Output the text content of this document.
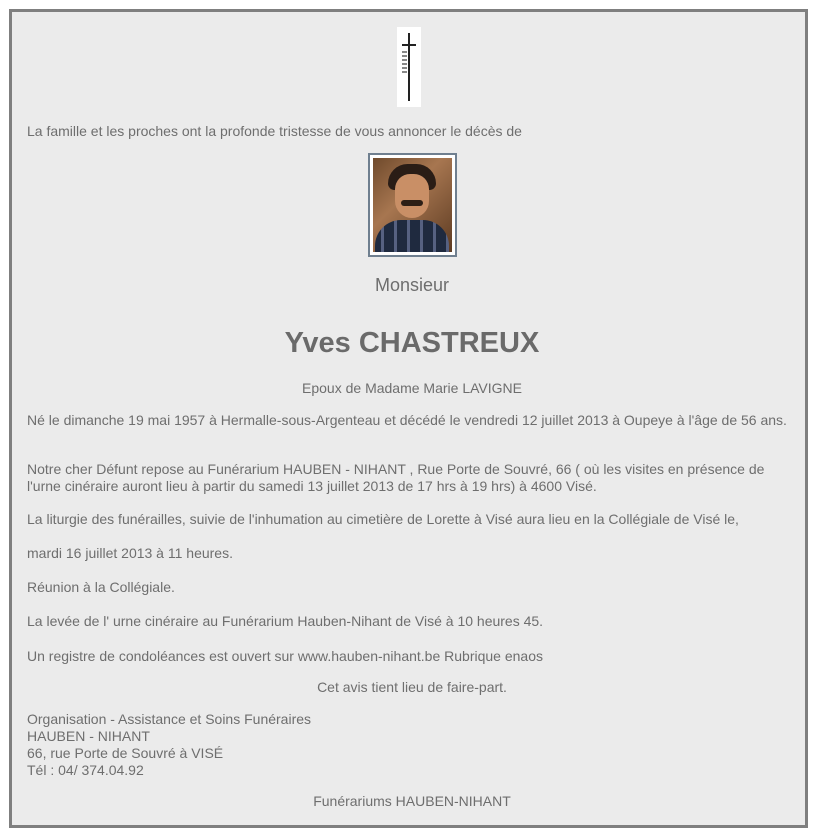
La famille et les proches ont la profonde tristesse de vous annoncer le décès de
Monsieur
Yves CHASTREUX
Epoux de Madame Marie LAVIGNE
Né le dimanche 19 mai 1957 à Hermalle-sous-Argenteau et décédé le vendredi 12 juillet 2013 à Oupeye à l'âge de 56 ans.
Notre cher Défunt repose au Funérarium HAUBEN - NIHANT , Rue Porte de Souvré, 66 ( où les visites en présence de l'urne cinéraire auront lieu à partir du samedi 13 juillet 2013 de 17 hrs à 19 hrs) à 4600 Visé.
La liturgie des funérailles, suivie de l'inhumation au cimetière de Lorette à Visé aura lieu en la Collégiale de Visé le,
mardi 16 juillet 2013 à 11 heures.
Réunion à la Collégiale.
La levée de l' urne cinéraire au Funérarium Hauben-Nihant de Visé à 10 heures 45.
Un registre de condoléances est ouvert sur www.hauben-nihant.be Rubrique enaos
Cet avis tient lieu de faire-part.
Organisation - Assistance et Soins Funéraires
HAUBEN - NIHANT
66, rue Porte de Souvré à VISÉ
Tél : 04/ 374.04.92
Funérariums HAUBEN-NIHANT
